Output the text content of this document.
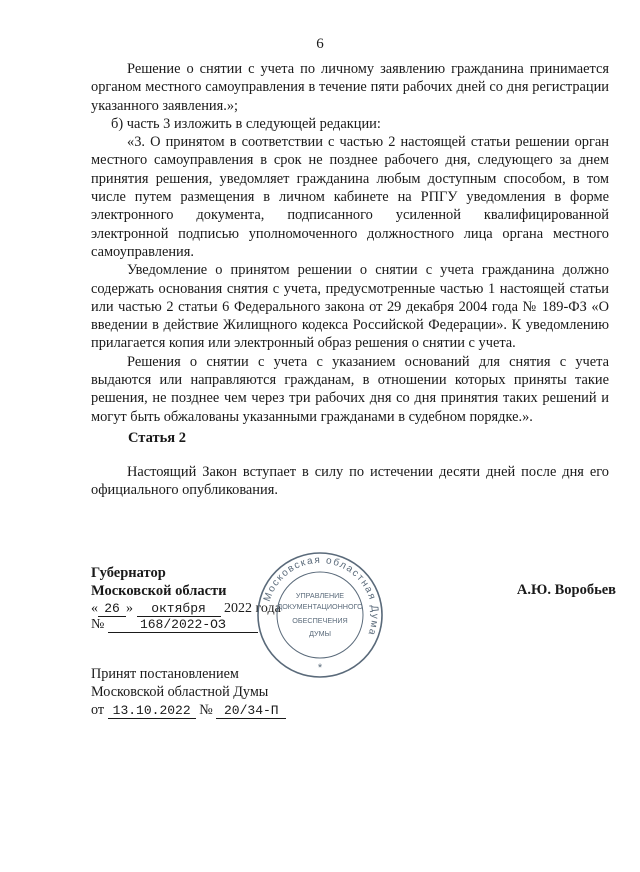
6

Решение о снятии с учета по личному заявлению гражданина принимается органом местного самоуправления в течение пяти рабочих дней со дня регистрации указанного заявления.»;

б) часть 3 изложить в следующей редакции:

«3. О принятом в соответствии с частью 2 настоящей статьи решении орган местного самоуправления в срок не позднее рабочего дня, следующего за днем принятия решения, уведомляет гражданина любым доступным способом, в том числе путем размещения в личном кабинете на РПГУ уведомления в форме электронного документа, подписанного усиленной квалифицированной электронной подписью уполномоченного должностного лица органа местного самоуправления.

Уведомление о принятом решении о снятии с учета гражданина должно содержать основания снятия с учета, предусмотренные частью 1 настоящей статьи или частью 2 статьи 6 Федерального закона от 29 декабря 2004 года № 189-ФЗ «О введении в действие Жилищного кодекса Российской Федерации». К уведомлению прилагается копия или электронный образ решения о снятии с учета.

Решения о снятии с учета с указанием оснований для снятия с учета выдаются или направляются гражданам, в отношении которых приняты такие решения, не позднее чем через три рабочих дня со дня принятия таких решений и могут быть обжалованы указанными гражданами в судебном порядке.».

Статья 2

Настоящий Закон вступает в силу по истечении десяти дней после дня его официального опубликования.

Губернатор
Московской области	А.Ю. Воробьев
« 26 » октября 2022 года
№	168/2022-ОЗ
Принят постановлением
Московской областной Думы
от 13.10.2022 № 20/34-П
Московская областная Дума
УПРАВЛЕНИЕ
ДОКУМЕНТАЦИОННОГО
ОБЕСПЕЧЕНИЯ
ДУМЫ
*
